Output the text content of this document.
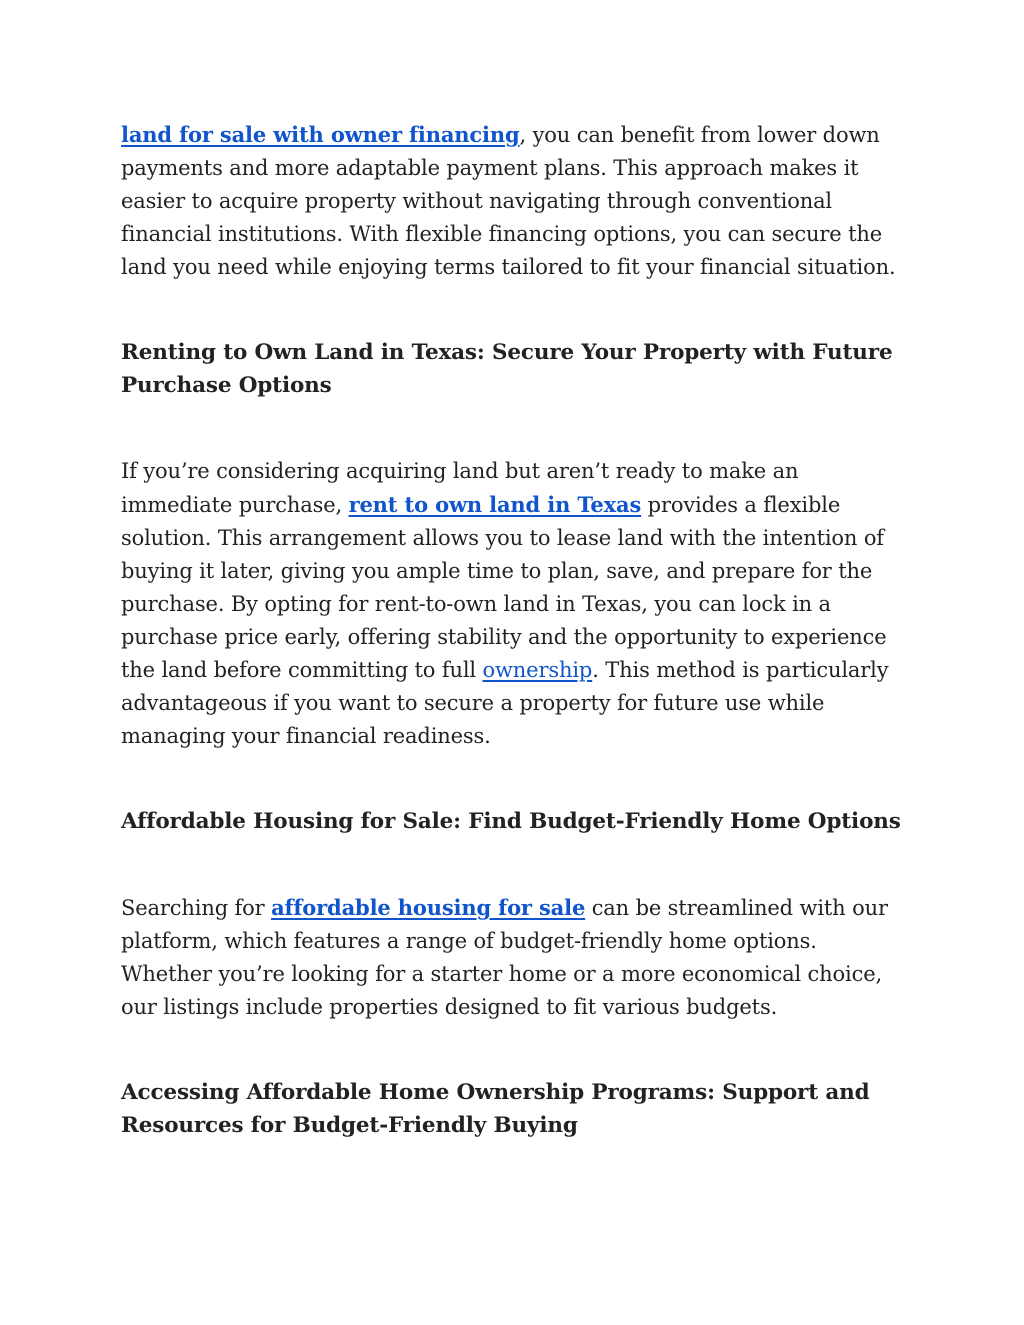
land for sale with owner financing, you can benefit from lower down payments and more adaptable payment plans. This approach makes it easier to acquire property without navigating through conventional financial institutions. With flexible financing options, you can secure the land you need while enjoying terms tailored to fit your financial situation.

Renting to Own Land in Texas: Secure Your Property with Future Purchase Options

If you’re considering acquiring land but aren’t ready to make an immediate purchase, rent to own land in Texas provides a flexible solution. This arrangement allows you to lease land with the intention of buying it later, giving you ample time to plan, save, and prepare for the purchase. By opting for rent-to-own land in Texas, you can lock in a purchase price early, offering stability and the opportunity to experience the land before committing to full ownership. This method is particularly advantageous if you want to secure a property for future use while managing your financial readiness.

Affordable Housing for Sale: Find Budget-Friendly Home Options

Searching for affordable housing for sale can be streamlined with our platform, which features a range of budget-friendly home options. Whether you’re looking for a starter home or a more economical choice, our listings include properties designed to fit various budgets.

Accessing Affordable Home Ownership Programs: Support and Resources for Budget-Friendly Buying
